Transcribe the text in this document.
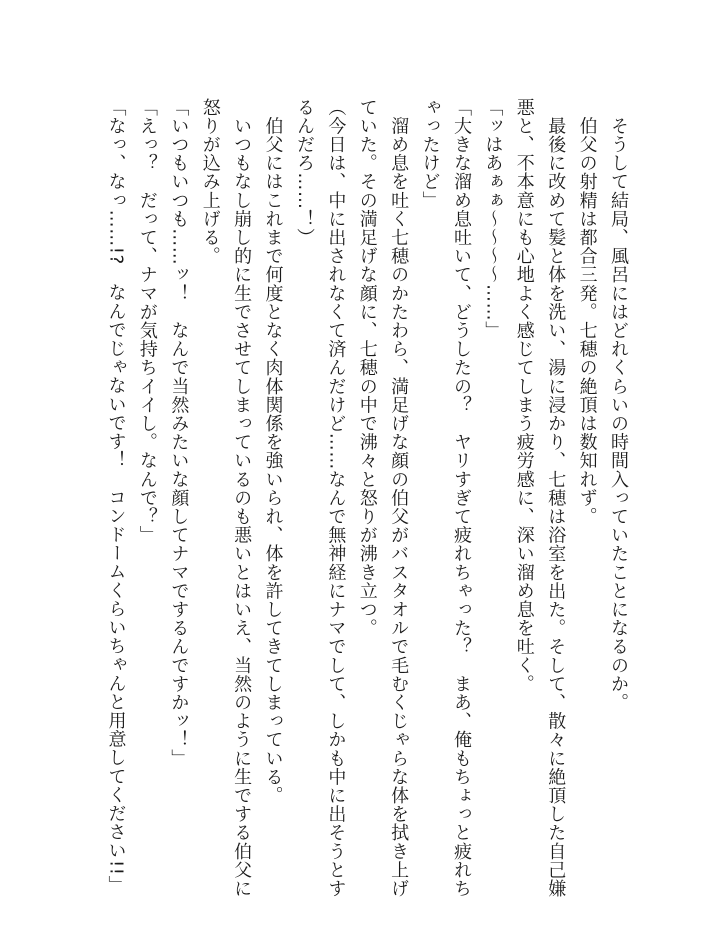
　そうして結局、風呂にはどれくらいの時間入っていたことになるのか。
　伯父の射精は都合三発。七穂の絶頂は数知れず。
　最後に改めて髪と体を洗い、湯に浸かり、七穂は浴室を出た。そして、散々に絶頂した自己嫌
悪と、不本意にも心地よく感じてしまう疲労感に、深い溜め息を吐く。
「ッはあぁぁ～～～～……」
「大きな溜め息吐いて、どうしたの？　ヤリすぎて疲れちゃった？　まあ、俺もちょっと疲れち
ゃったけど」
　溜め息を吐く七穂のかたわら、満足げな顔の伯父がバスタオルで毛むくじゃらな体を拭き上げ
ていた。その満足げな顔に、七穂の中で沸々と怒りが沸き立つ。
（今日は、中に出されなくて済んだけど……なんで無神経にナマでして、しかも中に出そうとす
るんだろ……！）
　伯父にはこれまで何度となく肉体関係を強いられ、体を許してきてしまっている。
　いつもなし崩し的に生でさせてしまっているのも悪いとはいえ、当然のように生でする伯父に
怒りが込み上げる。
「いつもいつも……ッ！　なんで当然みたいな顔してナマでするんですかッ！」
「えっ？　だって、ナマが気持ちイイし。なんで？」
「なっ、なっ……!?　なんでじゃないです！　コンドームくらいちゃんと用意してください!!」
